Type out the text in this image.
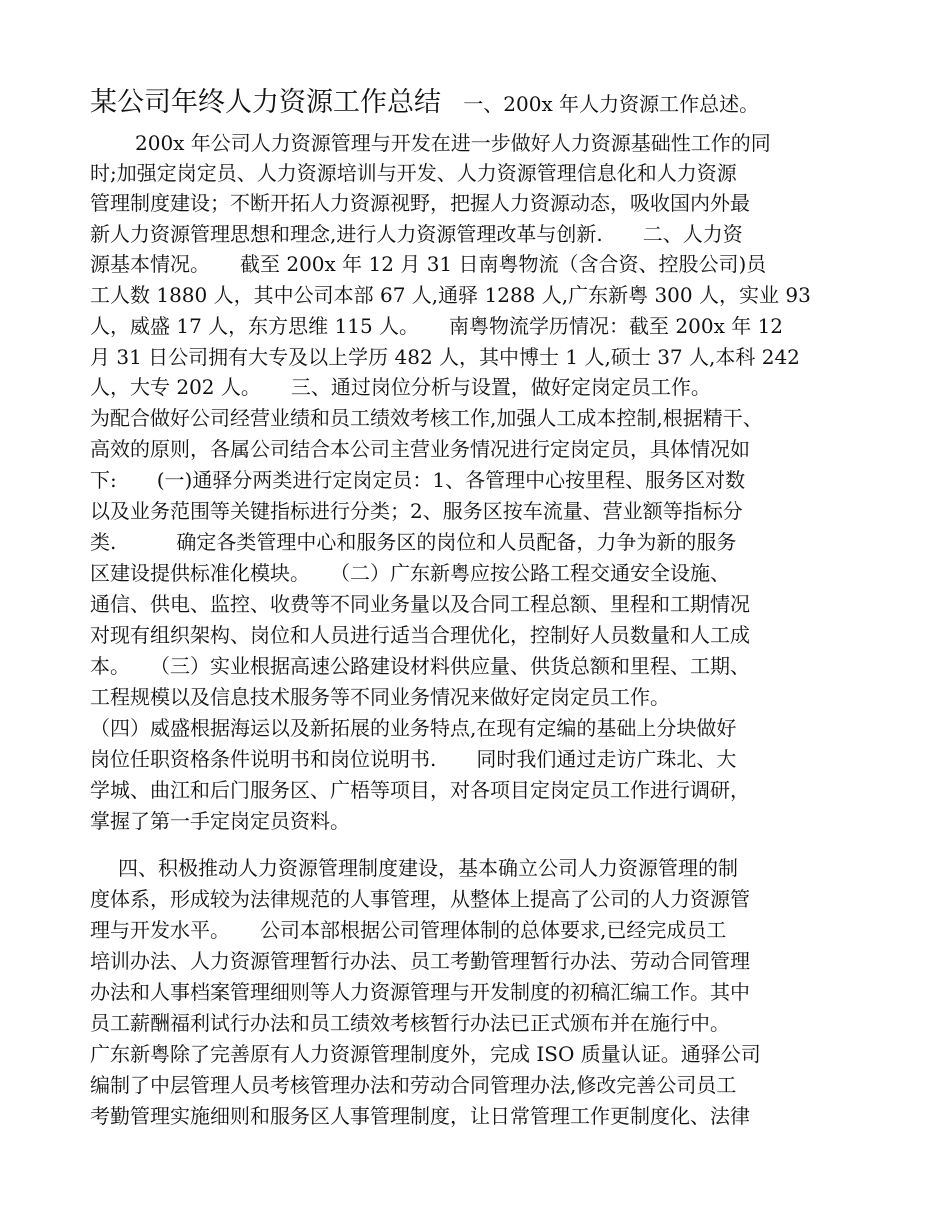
某公司年终人力资源工作总结 一、200x 年人力资源工作总述。
200x 年公司人力资源管理与开发在进一步做好人力资源基础性工作的同
时;加强定岗定员、人力资源培训与开发、人力资源管理信息化和人力资源
管理制度建设；不断开拓人力资源视野，把握人力资源动态，吸收国内外最
新人力资源管理思想和理念,进行人力资源管理改革与创新.　　二、人力资
源基本情况。　　截至 200x 年 12 月 31 日南粤物流（含合资、控股公司)员
工人数 1880 人，其中公司本部 67 人,通驿 1288 人,广东新粤 300 人，实业 93
人，威盛 17 人，东方思维 115 人。　　南粤物流学历情况：截至 200x 年 12
月 31 日公司拥有大专及以上学历 482 人，其中博士 1 人,硕士 37 人,本科 242
人，大专 202 人。　　三、通过岗位分析与设置，做好定岗定员工作。
为配合做好公司经营业绩和员工绩效考核工作,加强人工成本控制,根据精干、
高效的原则，各属公司结合本公司主营业务情况进行定岗定员，具体情况如
下:　　(一)通驿分两类进行定岗定员：1、各管理中心按里程、服务区对数
以及业务范围等关键指标进行分类；2、服务区按车流量、营业额等指标分
类.　　　确定各类管理中心和服务区的岗位和人员配备，力争为新的服务
区建设提供标准化模块。　　（二）广东新粤应按公路工程交通安全设施、
通信、供电、监控、收费等不同业务量以及合同工程总额、里程和工期情况
对现有组织架构、岗位和人员进行适当合理优化，控制好人员数量和人工成
本。　　（三）实业根据高速公路建设材料供应量、供货总额和里程、工期、
工程规模以及信息技术服务等不同业务情况来做好定岗定员工作。
（四）威盛根据海运以及新拓展的业务特点,在现有定编的基础上分块做好
岗位任职资格条件说明书和岗位说明书.　　同时我们通过走访广珠北、大
学城、曲江和后门服务区、广梧等项目，对各项目定岗定员工作进行调研，
掌握了第一手定岗定员资料。
四、积极推动人力资源管理制度建设，基本确立公司人力资源管理的制
度体系，形成较为法律规范的人事管理，从整体上提高了公司的人力资源管
理与开发水平。　　公司本部根据公司管理体制的总体要求,已经完成员工
培训办法、人力资源管理暂行办法、员工考勤管理暂行办法、劳动合同管理
办法和人事档案管理细则等人力资源管理与开发制度的初稿汇编工作。其中
员工薪酬福利试行办法和员工绩效考核暂行办法已正式颁布并在施行中。
广东新粤除了完善原有人力资源管理制度外，完成 ISO 质量认证。通驿公司
编制了中层管理人员考核管理办法和劳动合同管理办法,修改完善公司员工
考勤管理实施细则和服务区人事管理制度，让日常管理工作更制度化、法律
